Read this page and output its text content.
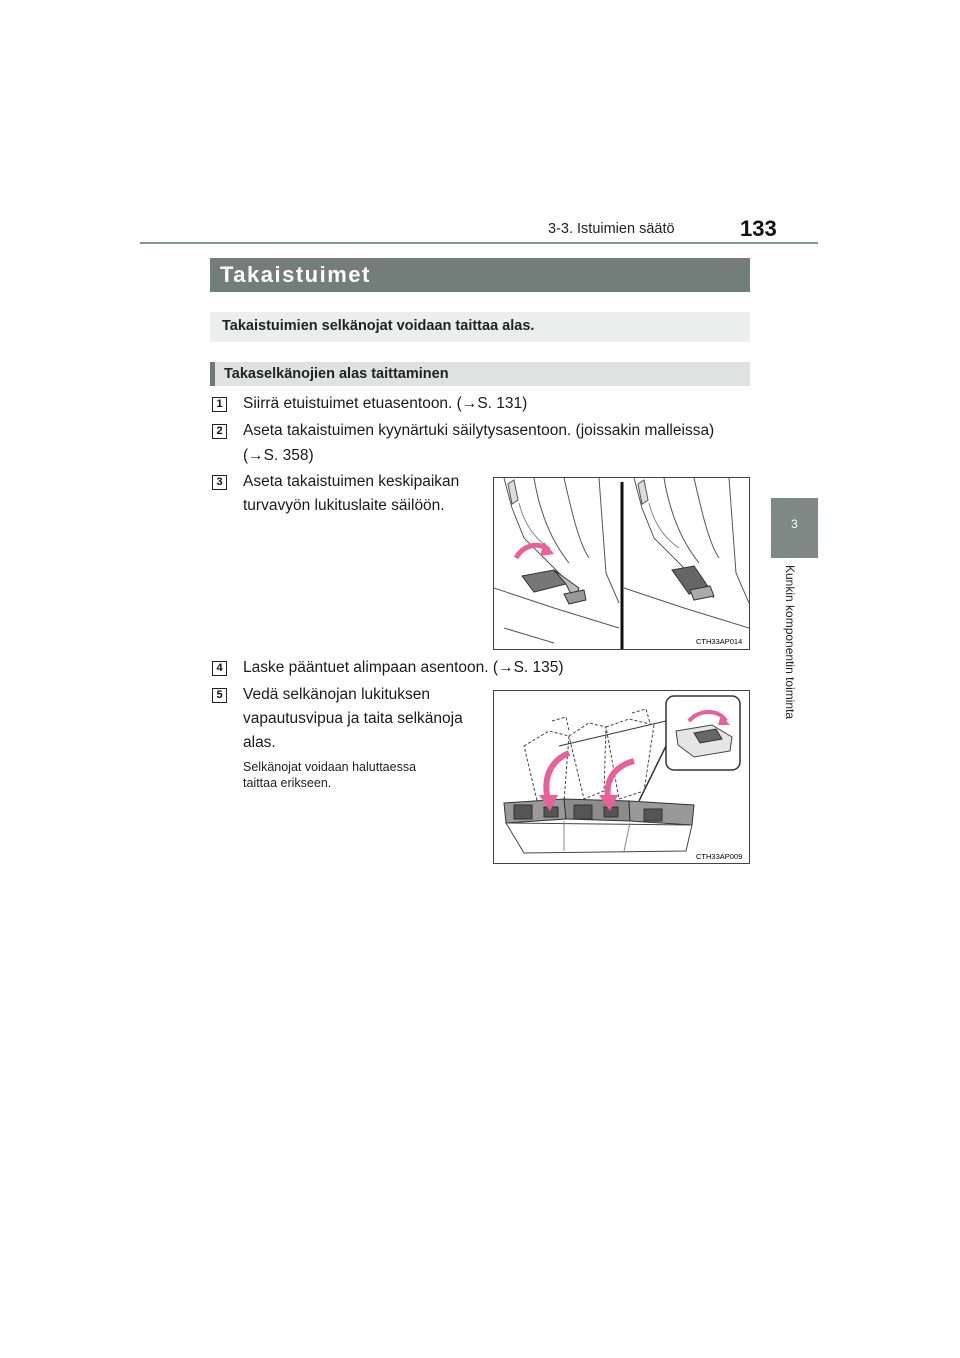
3-3. Istuimien säätö	133
3
Kunkin komponentin toiminta
Takaistuimet
Takaistuimien selkänojat voidaan taittaa alas.
Takaselkänojien alas taittaminen
1 Siirrä etuistuimet etuasentoon. (→S. 131)
2 Aseta takaistuimen kyynärtuki säilytysasentoon. (joissakin malleissa)
(→S. 358)
3 Aseta takaistuimen keskipaikan
turvavyön lukituslaite säilöön.
CTH33AP014
4 Laske pääntuet alimpaan asentoon. (→S. 135)
5 Vedä selkänojan lukituksen
vapautusvipua ja taita selkänoja
alas.
Selkänojat voidaan haluttaessa
taittaa erikseen.
CTH33AP009
